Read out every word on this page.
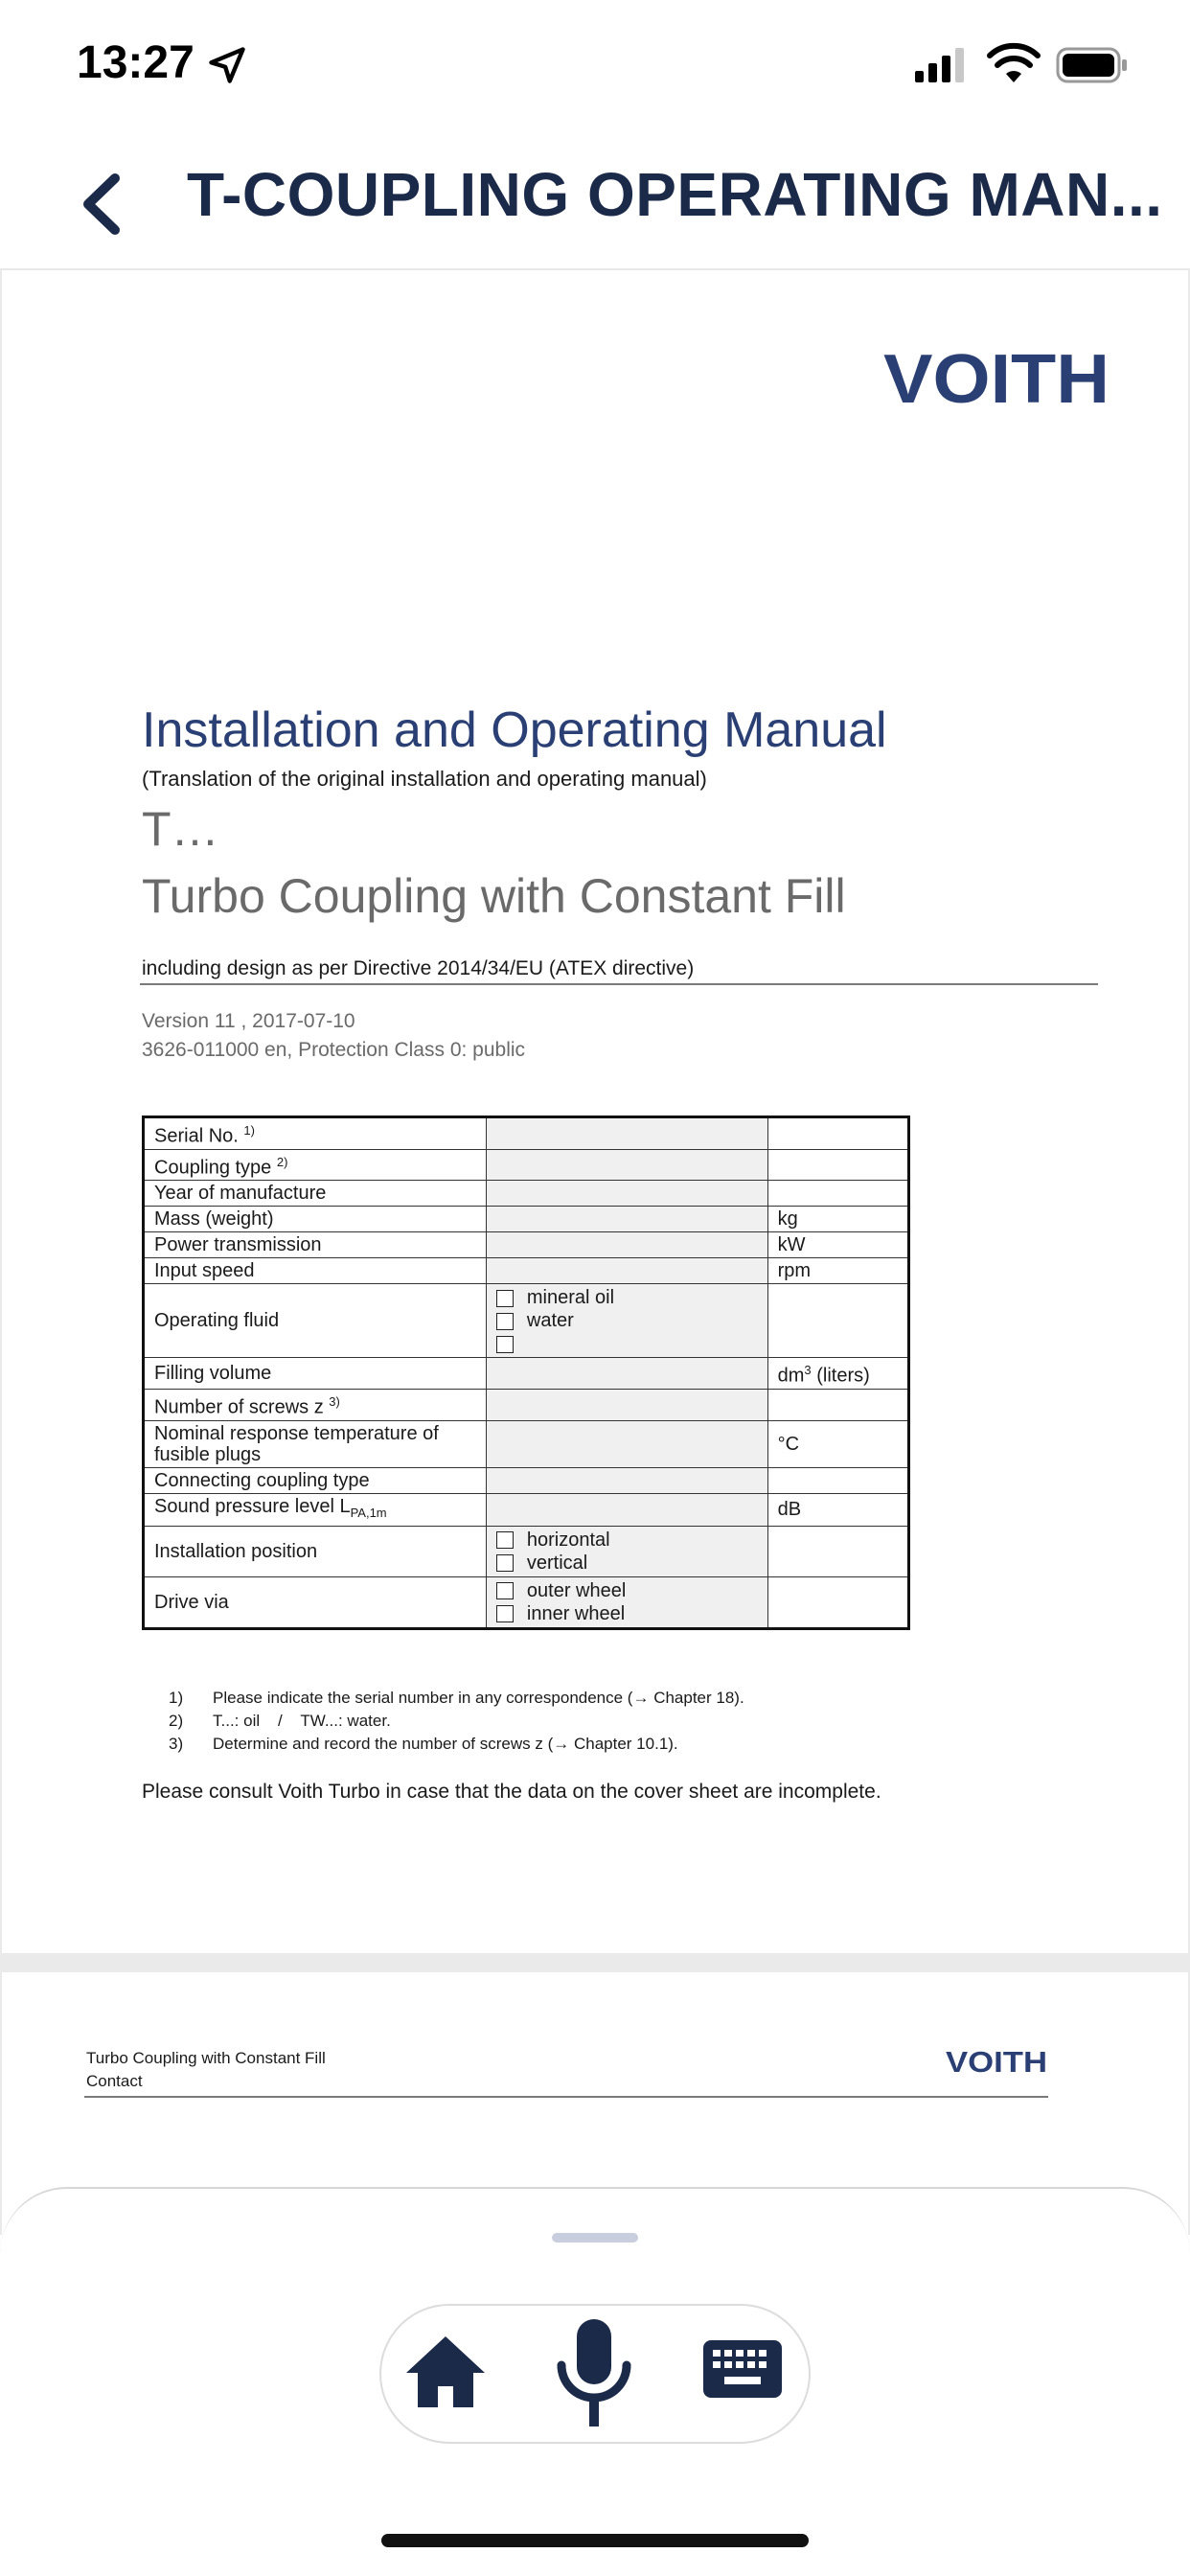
13:27
T-COUPLING OPERATING MAN...
VOITH
Installation and Operating Manual
(Translation of the original installation and operating manual)
T…
Turbo Coupling with Constant Fill
including design as per Directive 2014/34/EU (ATEX directive)
Version 11 , 2017-07-10
3626-011000 en, Protection Class 0: public
Serial No. $^{1)}$		
Coupling type $^{2)}$		
Year of manufacture		
Mass (weight)		kg
Power transmission		kW
Input speed		rpm
Operating fluid	mineral oil
water	

Filling volume		$dm^3$ (liters)
Number of screws z $^{3)}$		
Nominal response temperature of fusible plugs		°C
Connecting coupling type		
Sound pressure level $L_{PA,1m}$		dB
Installation position	horizontal
vertical	

Drive via	outer wheel
inner wheel	

1)	Please indicate the serial number in any correspondence (→ Chapter 18).
2)	T...: oil    /    TW...: water.
3)	Determine and record the number of screws z (→ Chapter 10.1).
Please consult Voith Turbo in case that the data on the cover sheet are incomplete.
Turbo Coupling with Constant Fill
Contact
VOITH
